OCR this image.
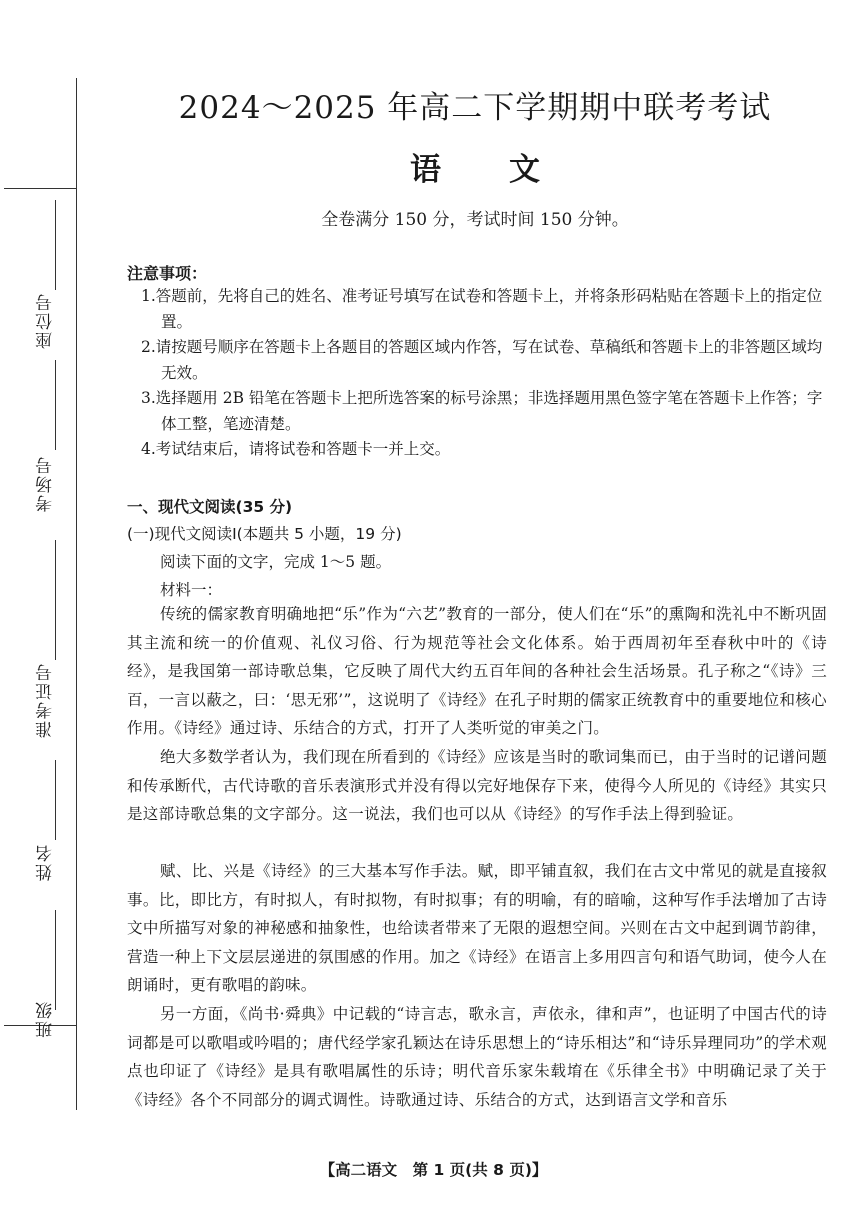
座位号
考场号
准考证号
姓名
班级
2024～2025 年高二下学期期中联考考试
语文
全卷满分 150 分，考试时间 150 分钟。
注意事项：
1.答题前，先将自己的姓名、准考证号填写在试卷和答题卡上，并将条形码粘贴在答题卡上的指定位置。
2.请按题号顺序在答题卡上各题目的答题区域内作答，写在试卷、草稿纸和答题卡上的非答题区域均无效。
3.选择题用 2B 铅笔在答题卡上把所选答案的标号涂黑；非选择题用黑色签字笔在答题卡上作答；字体工整，笔迹清楚。
4.考试结束后，请将试卷和答题卡一并上交。
一、现代文阅读(35 分)
(一)现代文阅读Ⅰ(本题共 5 小题，19 分)
阅读下面的文字，完成 1～5 题。
材料一：

传统的儒家教育明确地把“乐”作为“六艺”教育的一部分，使人们在“乐”的熏陶和洗礼中不断巩固其主流和统一的价值观、礼仪习俗、行为规范等社会文化体系。始于西周初年至春秋中叶的《诗经》，是我国第一部诗歌总集，它反映了周代大约五百年间的各种社会生活场景。孔子称之“《诗》三百，一言以蔽之，曰：‘思无邪’”，这说明了《诗经》在孔子时期的儒家正统教育中的重要地位和核心作用。《诗经》通过诗、乐结合的方式，打开了人类听觉的审美之门。

绝大多数学者认为，我们现在所看到的《诗经》应该是当时的歌词集而已，由于当时的记谱问题和传承断代，古代诗歌的音乐表演形式并没有得以完好地保存下来，使得今人所见的《诗经》其实只是这部诗歌总集的文字部分。这一说法，我们也可以从《诗经》的写作手法上得到验证。

赋、比、兴是《诗经》的三大基本写作手法。赋，即平铺直叙，我们在古文中常见的就是直接叙事。比，即比方，有时拟人，有时拟物，有时拟事；有的明喻，有的暗喻，这种写作手法增加了古诗文中所描写对象的神秘感和抽象性，也给读者带来了无限的遐想空间。兴则在古文中起到调节韵律，营造一种上下文层层递进的氛围感的作用。加之《诗经》在语言上多用四言句和语气助词，使今人在朗诵时，更有歌唱的韵味。

另一方面，《尚书·舜典》中记载的“诗言志，歌永言，声依永，律和声”，也证明了中国古代的诗词都是可以歌唱或吟唱的；唐代经学家孔颖达在诗乐思想上的“诗乐相达”和“诗乐异理同功”的学术观点也印证了《诗经》是具有歌唱属性的乐诗；明代音乐家朱载堉在《乐律全书》中明确记录了关于《诗经》各个不同部分的调式调性。诗歌通过诗、乐结合的方式，达到语言文学和音乐

【高二语文　第 1 页(共 8 页)】
